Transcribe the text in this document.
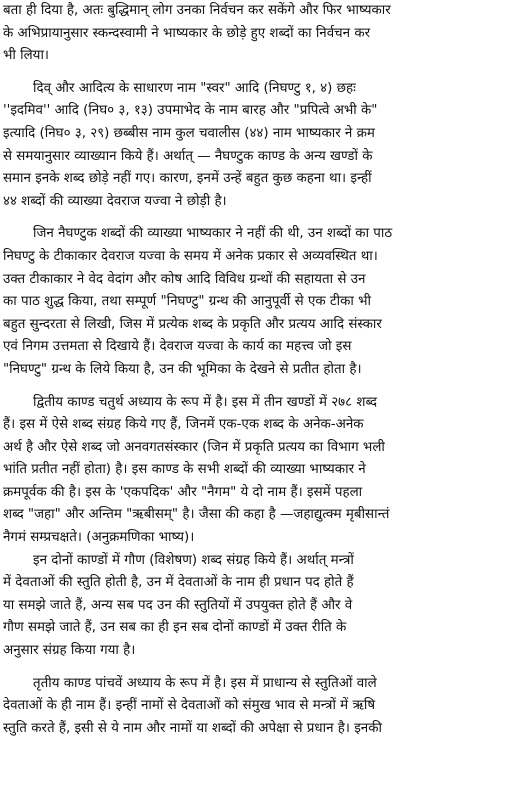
बता ही दिया है, अतः बुद्धिमान् लोग उनका निर्वचन कर सकेंगे और फिर भाष्यकार
के अभिप्रायानुसार स्कन्दस्वामी ने भाष्यकार के छोड़े हुए शब्दों का निर्वचन कर
भी लिया।

दिव् और आदित्य के साधारण नाम "स्वर" आदि (निघण्टु १, ४) छहः
''इदमिव'' आदि (निघ० ३, १३) उपमाभेद के नाम बारह और "प्रपित्वे अभी के"
इत्यादि (निघ० ३, २९) छब्बीस नाम कुल चवालीस (४४) नाम भाष्यकार ने क्रम
से समयानुसार व्याख्यान किये हैं। अर्थात् — नैघण्टुक काण्ड के अन्य खण्डों के
समान इनके शब्द छोड़े नहीं गए। कारण, इनमें उन्हें बहुत कुछ कहना था। इन्हीं
४४ शब्दों की व्याख्या देवराज यज्वा ने छोड़ी है।

जिन नैघण्टुक शब्दों की व्याख्या भाष्यकार ने नहीं की थी, उन शब्दों का पाठ
निघण्टु के टीकाकार देवराज यज्वा के समय में अनेक प्रकार से अव्यवस्थित था।
उक्त टीकाकार ने वेद वेदांग और कोष आदि विविध ग्रन्थों की सहायता से उन
का पाठ शुद्ध किया, तथा सम्पूर्ण "निघण्टु" ग्रन्थ की आनुपूर्वी से एक टीका भी
बहुत सुन्दरता से लिखी, जिस में प्रत्येक शब्द के प्रकृति और प्रत्यय आदि संस्कार
एवं निगम उत्तमता से दिखाये हैं। देवराज यज्वा के कार्य का महत्त्व जो इस
"निघण्टु" ग्रन्थ के लिये किया है, उन की भूमिका के देखने से प्रतीत होता है।

द्वितीय काण्ड चतुर्थ अध्याय के रूप में है। इस में तीन खण्डों में २७८ शब्द
हैं। इस में ऐसे शब्द संग्रह किये गए हैं, जिनमें एक-एक शब्द के अनेक-अनेक
अर्थ है और ऐसे शब्द जो अनवगतसंस्कार (जिन में प्रकृति प्रत्यय का विभाग भली
भांति प्रतीत नहीं होता) है। इस काण्ड के सभी शब्दों की व्याख्या भाष्यकार ने
क्रमपूर्वक की है। इस के 'एकपदिक' और "नैगम" ये दो नाम हैं। इसमें पहला
शब्द "जहा" और अन्तिम "ऋबीसम्" है। जैसा की कहा है —जहाद्युत्क्म मृबीसान्तं
नैगमं सम्प्रचक्षते। (अनुक्रमणिका भाष्य)।

इन दोनों काण्डों में गौण (विशेषण) शब्द संग्रह किये हैं। अर्थात् मन्त्रों
में देवताओं की स्तुति होती है, उन में देवताओं के नाम ही प्रधान पद होते हैं
या समझे जाते हैं, अन्य सब पद उन की स्तुतियों में उपयुक्त होते हैं और वे
गौण समझे जाते हैं, उन सब का ही इन सब दोनों काण्डों में उक्त रीति के
अनुसार संग्रह किया गया है।

तृतीय काण्ड पांचवें अध्याय के रूप में है। इस में प्राधान्य से स्तुतिओं वाले
देवताओं के ही नाम हैं। इन्हीं नामों से देवताओं को संमुख भाव से मन्त्रों में ऋषि
स्तुति करते हैं, इसी से ये नाम और नामों या शब्दों की अपेक्षा से प्रधान है। इनकी
